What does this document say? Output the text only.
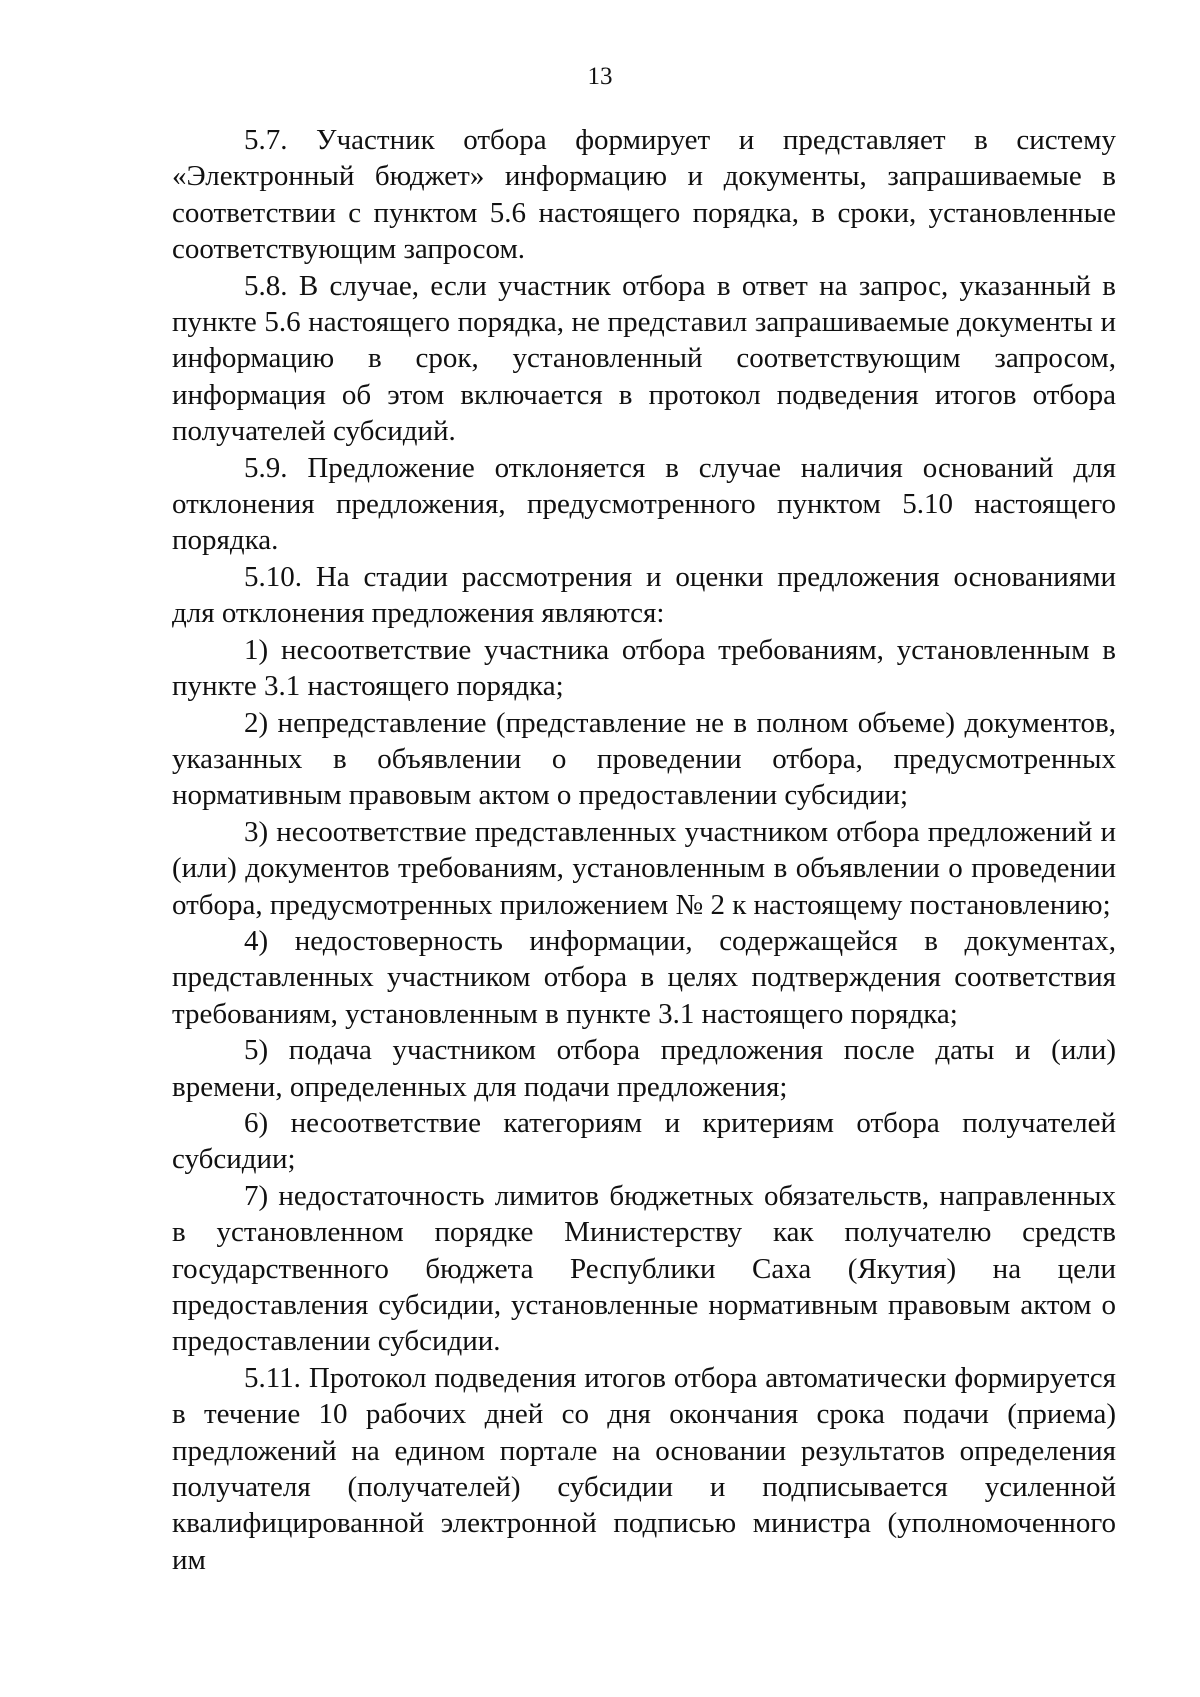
13

5.7. Участник отбора формирует и представляет в систему «Электронный бюджет» информацию и документы, запрашиваемые в соответствии с пунктом 5.6 настоящего порядка, в сроки, установленные соответствующим запросом.

5.8. В случае, если участник отбора в ответ на запрос, указанный в пункте 5.6 настоящего порядка, не представил запрашиваемые документы и информацию в срок, установленный соответствующим запросом, информация об этом включается в протокол подведения итогов отбора получателей субсидий.

5.9. Предложение отклоняется в случае наличия оснований для отклонения предложения, предусмотренного пунктом 5.10 настоящего порядка.

5.10. На стадии рассмотрения и оценки предложения основаниями для отклонения предложения являются:

1) несоответствие участника отбора требованиям, установленным в пункте 3.1 настоящего порядка;

2) непредставление (представление не в полном объеме) документов, указанных в объявлении о проведении отбора, предусмотренных нормативным правовым актом о предоставлении субсидии;

3) несоответствие представленных участником отбора предложений и (или) документов требованиям, установленным в объявлении о проведении отбора, предусмотренных приложением № 2 к настоящему постановлению;

4) недостоверность информации, содержащейся в документах, представленных участником отбора в целях подтверждения соответствия требованиям, установленным в пункте 3.1 настоящего порядка;

5) подача участником отбора предложения после даты и (или) времени, определенных для подачи предложения;

6) несоответствие категориям и критериям отбора получателей субсидии;

7) недостаточность лимитов бюджетных обязательств, направленных в установленном порядке Министерству как получателю средств государственного бюджета Республики Саха (Якутия) на цели предоставления субсидии, установленные нормативным правовым актом о предоставлении субсидии.

5.11. Протокол подведения итогов отбора автоматически формируется в течение 10 рабочих дней со дня окончания срока подачи (приема) предложений на едином портале на основании результатов определения получателя (получателей) субсидии и подписывается усиленной квалифицированной электронной подписью министра (уполномоченного им
